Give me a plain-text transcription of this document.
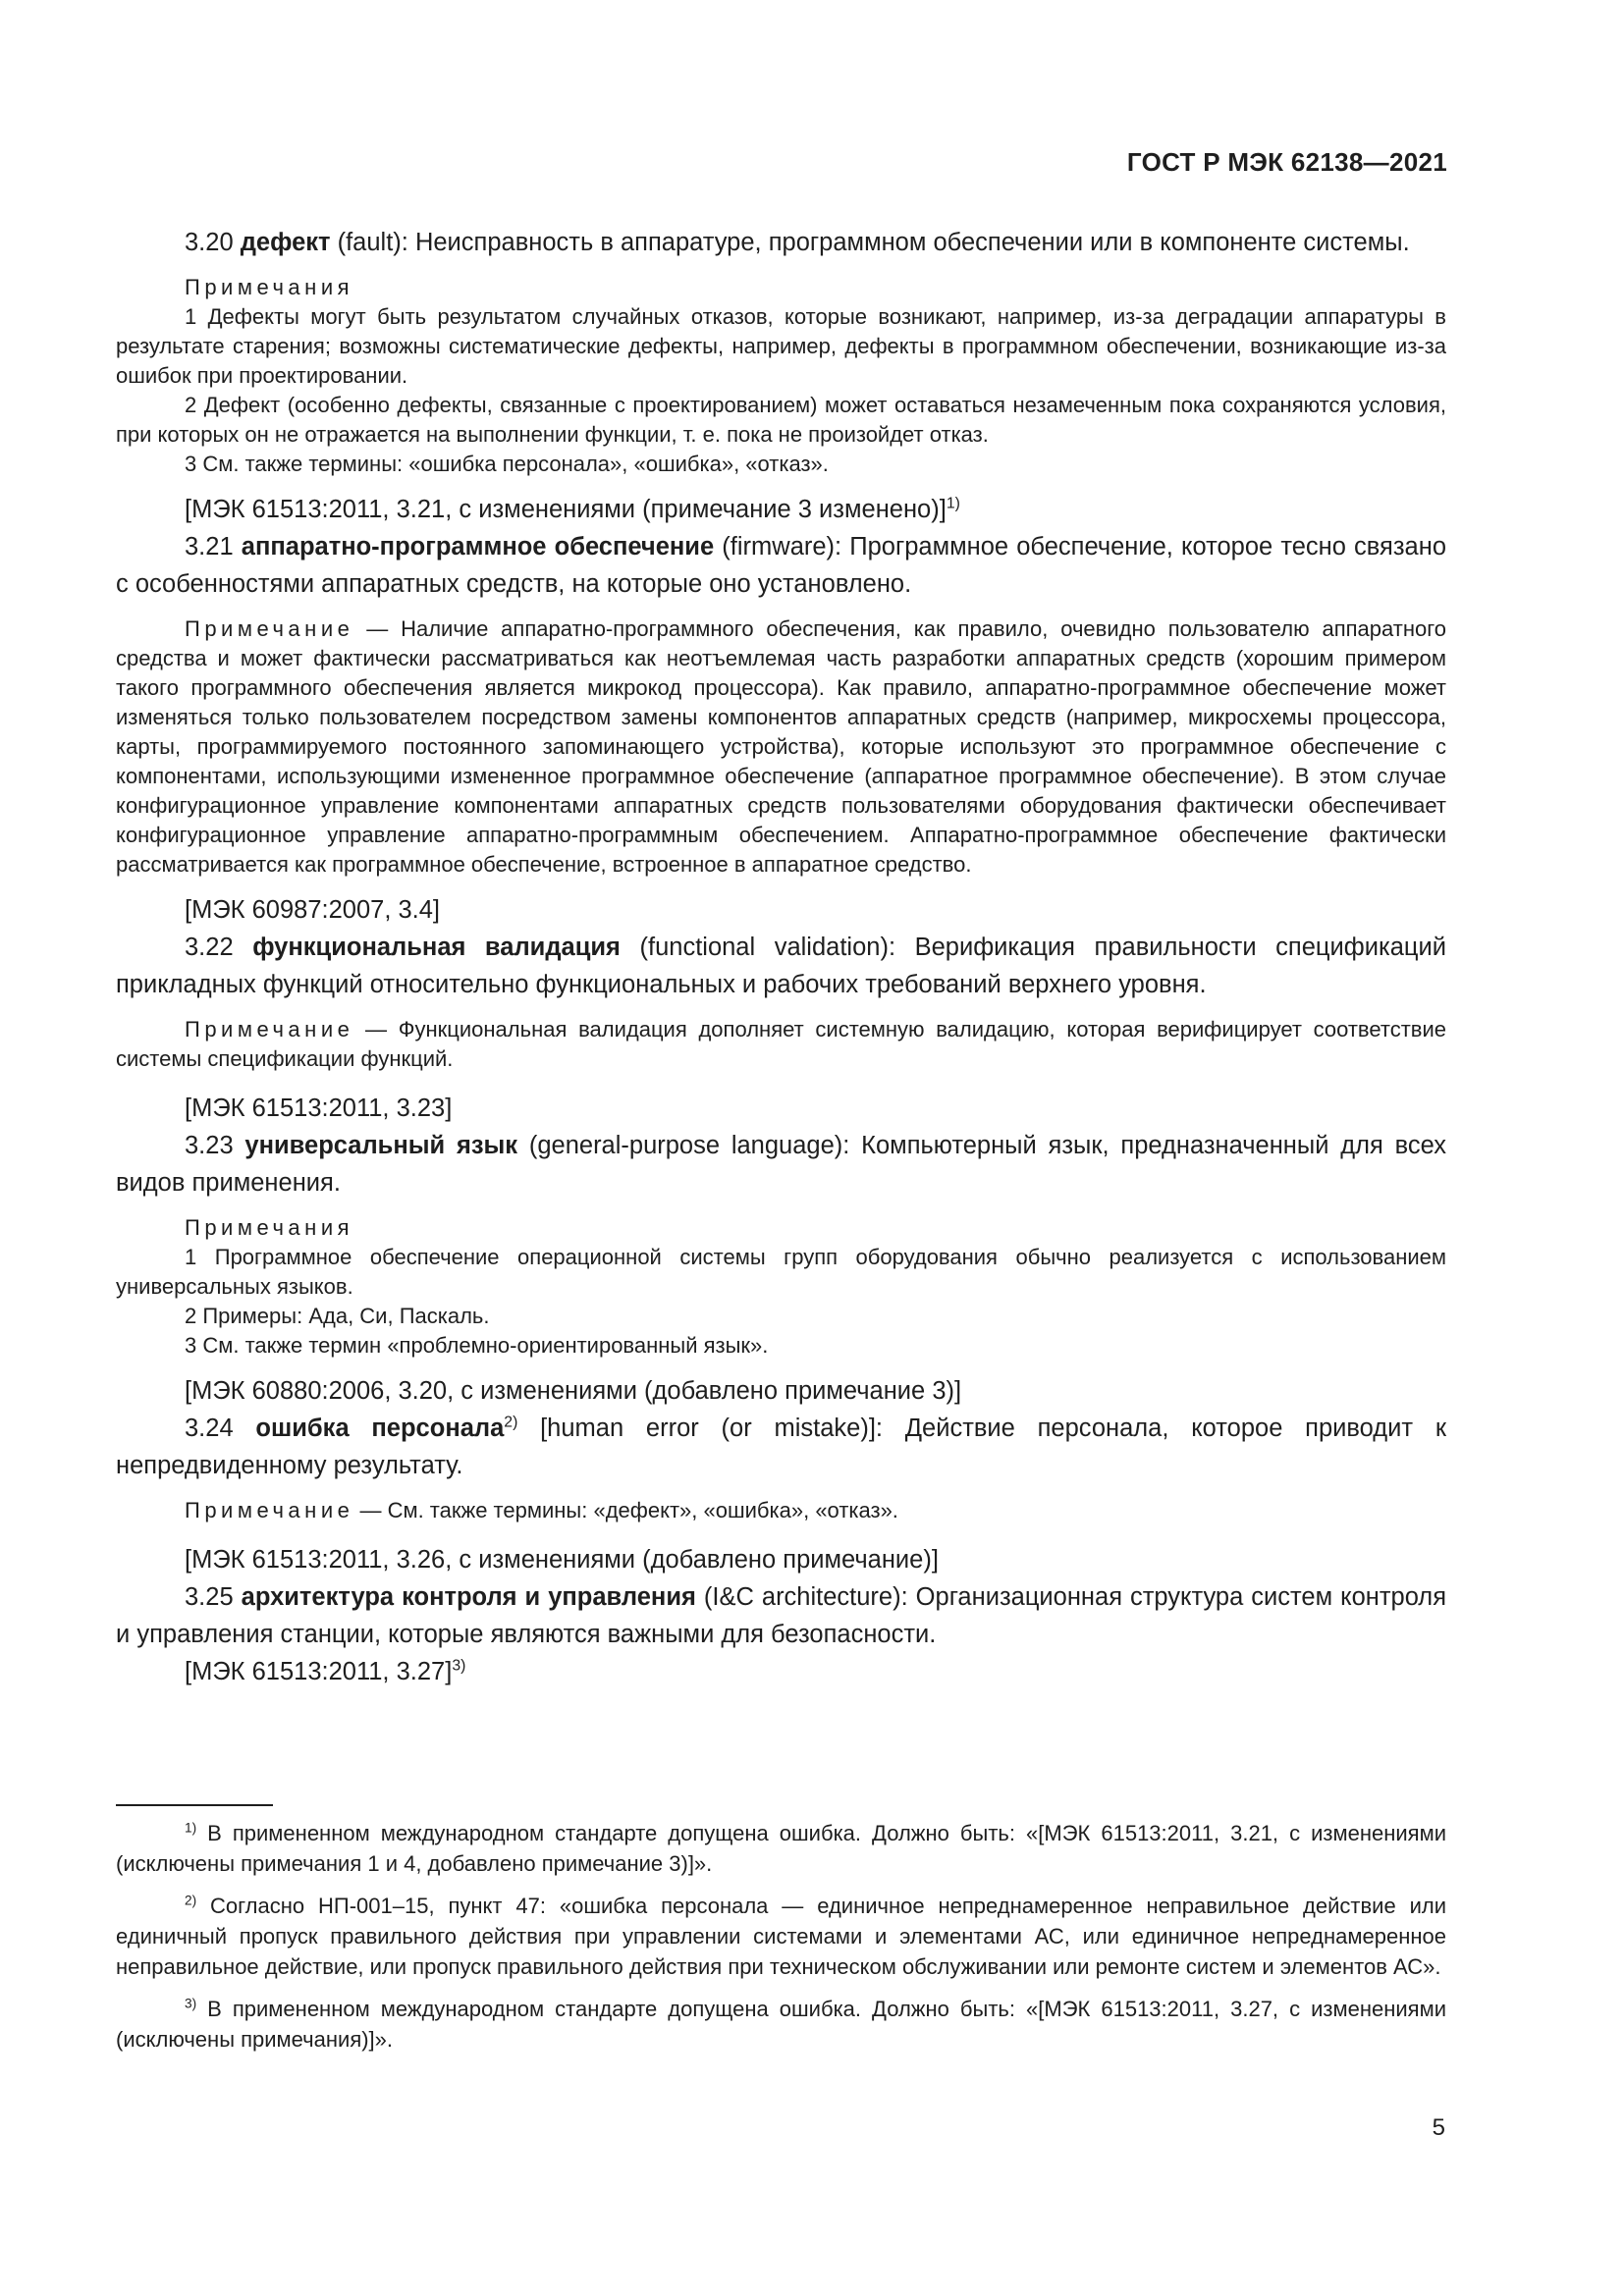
ГОСТ Р МЭК 62138—2021

3.20 дефект (fault): Неисправность в аппаратуре, программном обеспечении или в компоненте системы.

Примечания

1 Дефекты могут быть результатом случайных отказов, которые возникают, например, из-за деградации аппаратуры в результате старения; возможны систематические дефекты, например, дефекты в программном обеспечении, возникающие из-за ошибок при проектировании.

2 Дефект (особенно дефекты, связанные с проектированием) может оставаться незамеченным пока сохраняются условия, при которых он не отражается на выполнении функции, т. е. пока не произойдет отказ.

3 См. также термины: «ошибка персонала», «ошибка», «отказ».

[МЭК 61513:2011, 3.21, с изменениями (примечание 3 изменено)]$^{1)}$

3.21 аппаратно-программное обеспечение (firmware): Программное обеспечение, которое тесно связано с особенностями аппаратных средств, на которые оно установлено.

Примечание — Наличие аппаратно-программного обеспечения, как правило, очевидно пользователю аппаратного средства и может фактически рассматриваться как неотъемлемая часть разработки аппаратных средств (хорошим примером такого программного обеспечения является микрокод процессора). Как правило, аппаратно-программное обеспечение может изменяться только пользователем посредством замены компонентов аппаратных средств (например, микросхемы процессора, карты, программируемого постоянного запоминающего устройства), которые используют это программное обеспечение с компонентами, использующими измененное программное обеспечение (аппаратное программное обеспечение). В этом случае конфигурационное управление компонентами аппаратных средств пользователями оборудования фактически обеспечивает конфигурационное управление аппаратно-программным обеспечением. Аппаратно-программное обеспечение фактически рассматривается как программное обеспечение, встроенное в аппаратное средство.

[МЭК 60987:2007, 3.4]

3.22 функциональная валидация (functional validation): Верификация правильности спецификаций прикладных функций относительно функциональных и рабочих требований верхнего уровня.

Примечание — Функциональная валидация дополняет системную валидацию, которая верифицирует соответствие системы спецификации функций.

[МЭК 61513:2011, 3.23]

3.23 универсальный язык (general-purpose language): Компьютерный язык, предназначенный для всех видов применения.

Примечания

1 Программное обеспечение операционной системы групп оборудования обычно реализуется с использованием универсальных языков.

2 Примеры: Ада, Си, Паскаль.

3 См. также термин «проблемно-ориентированный язык».

[МЭК 60880:2006, 3.20, с изменениями (добавлено примечание 3)]

3.24 ошибка персонала$^{2)}$ [human error (or mistake)]: Действие персонала, которое приводит к непредвиденному результату.

Примечание — См. также термины: «дефект», «ошибка», «отказ».

[МЭК 61513:2011, 3.26, с изменениями (добавлено примечание)]

3.25 архитектура контроля и управления (I&C architecture): Организационная структура систем контроля и управления станции, которые являются важными для безопасности.

[МЭК 61513:2011, 3.27]$^{3)}$

$^{1)}$ В примененном международном стандарте допущена ошибка. Должно быть: «[МЭК 61513:2011, 3.21, с изменениями (исключены примечания 1 и 4, добавлено примечание 3)]».

$^{2)}$ Согласно НП-001–15, пункт 47: «ошибка персонала — единичное непреднамеренное неправильное действие или единичный пропуск правильного действия при управлении системами и элементами АС, или единичное непреднамеренное неправильное действие, или пропуск правильного действия при техническом обслуживании или ремонте систем и элементов АС».

$^{3)}$ В примененном международном стандарте допущена ошибка. Должно быть: «[МЭК 61513:2011, 3.27, с изменениями (исключены примечания)]».

5
